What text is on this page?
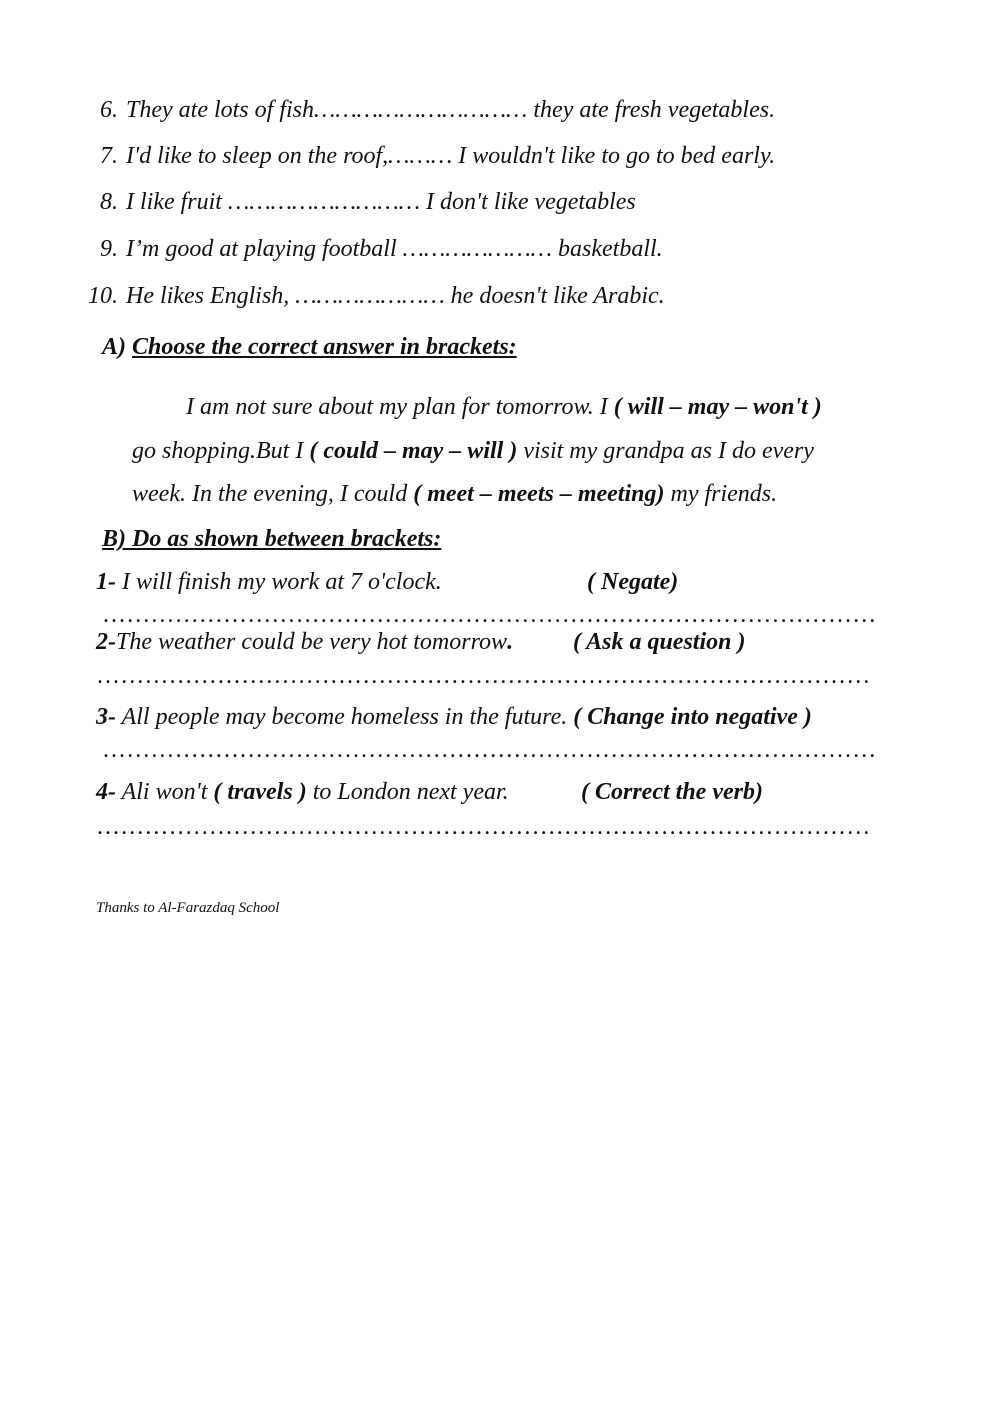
6. They ate lots of fish………………………… they ate fresh vegetables.
7. I'd like to sleep on the roof,……… I wouldn't like to go to bed early.
8. I like fruit ……………………… I don't like vegetables
9. I’m good at playing football ………………… basketball.
10. He likes English, ………………… he doesn't like Arabic.
A) Choose the correct answer in brackets:
I am not sure about my plan for tomorrow. I ( will – may – won't )
go shopping.But I ( could – may – will ) visit my grandpa as I do every
week. In the evening, I could ( meet – meets – meeting) my friends.
B) Do as shown between brackets:
1- I will finish my work at 7 o'clock.	( Negate)
……………………………………………………………………………………
2-The weather could be very hot tomorrow. ( Ask a question )
……………………………………………………………………………………
3- All people may become homeless in the future. ( Change into negative )
……………………………………………………………………………………
4- Ali won't ( travels ) to London next year.	( Correct the verb)
……………………………………………………………………………………
Thanks to Al-Farazdaq School
